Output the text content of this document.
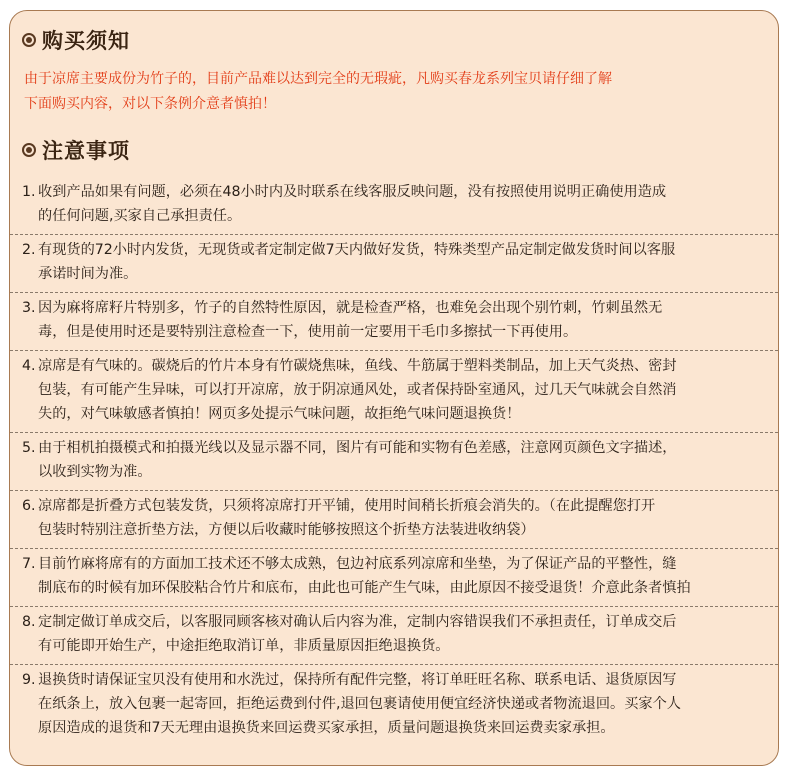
购买须知

由于凉席主要成份为竹子的，目前产品难以达到完全的无瑕疵，凡购买春龙系列宝贝请仔细了解

下面购买内容，对以下条例介意者慎拍！

注意事项
1. 收到产品如果有问题，必须在48小时内及时联系在线客服反映问题，没有按照使用说明正确使用造成
的任何问题,买家自己承担责任。
2. 有现货的72小时内发货，无现货或者定制定做7天内做好发货，特殊类型产品定制定做发货时间以客服
承诺时间为准。
3. 因为麻将席籽片特别多，竹子的自然特性原因，就是检查严格，也难免会出现个别竹刺，竹刺虽然无
毒，但是使用时还是要特别注意检查一下，使用前一定要用干毛巾多擦拭一下再使用。
4. 凉席是有气味的。碳烧后的竹片本身有竹碳烧焦味，鱼线、牛筋属于塑料类制品，加上天气炎热、密封
包装，有可能产生异味，可以打开凉席，放于阴凉通风处，或者保持卧室通风，过几天气味就会自然消
失的，对气味敏感者慎拍！网页多处提示气味问题，故拒绝气味问题退换货！
5. 由于相机拍摄模式和拍摄光线以及显示器不同，图片有可能和实物有色差感，注意网页颜色文字描述，
以收到实物为准。
6. 凉席都是折叠方式包装发货，只须将凉席打开平铺，使用时间稍长折痕会消失的。（在此提醒您打开
包装时特别注意折垫方法，方便以后收藏时能够按照这个折垫方法装进收纳袋）
7. 目前竹麻将席有的方面加工技术还不够太成熟，包边衬底系列凉席和坐垫，为了保证产品的平整性，缝
制底布的时候有加环保胶粘合竹片和底布，由此也可能产生气味，由此原因不接受退货！介意此条者慎拍
8. 定制定做订单成交后，以客服同顾客核对确认后内容为准，定制内容错误我们不承担责任，订单成交后
有可能即开始生产，中途拒绝取消订单，非质量原因拒绝退换货。
9. 退换货时请保证宝贝没有使用和水洗过，保持所有配件完整，将订单旺旺名称、联系电话、退货原因写
在纸条上，放入包裹一起寄回，拒绝运费到付件,退回包裹请使用便宜经济快递或者物流退回。买家个人
原因造成的退货和7天无理由退换货来回运费买家承担，质量问题退换货来回运费卖家承担。
